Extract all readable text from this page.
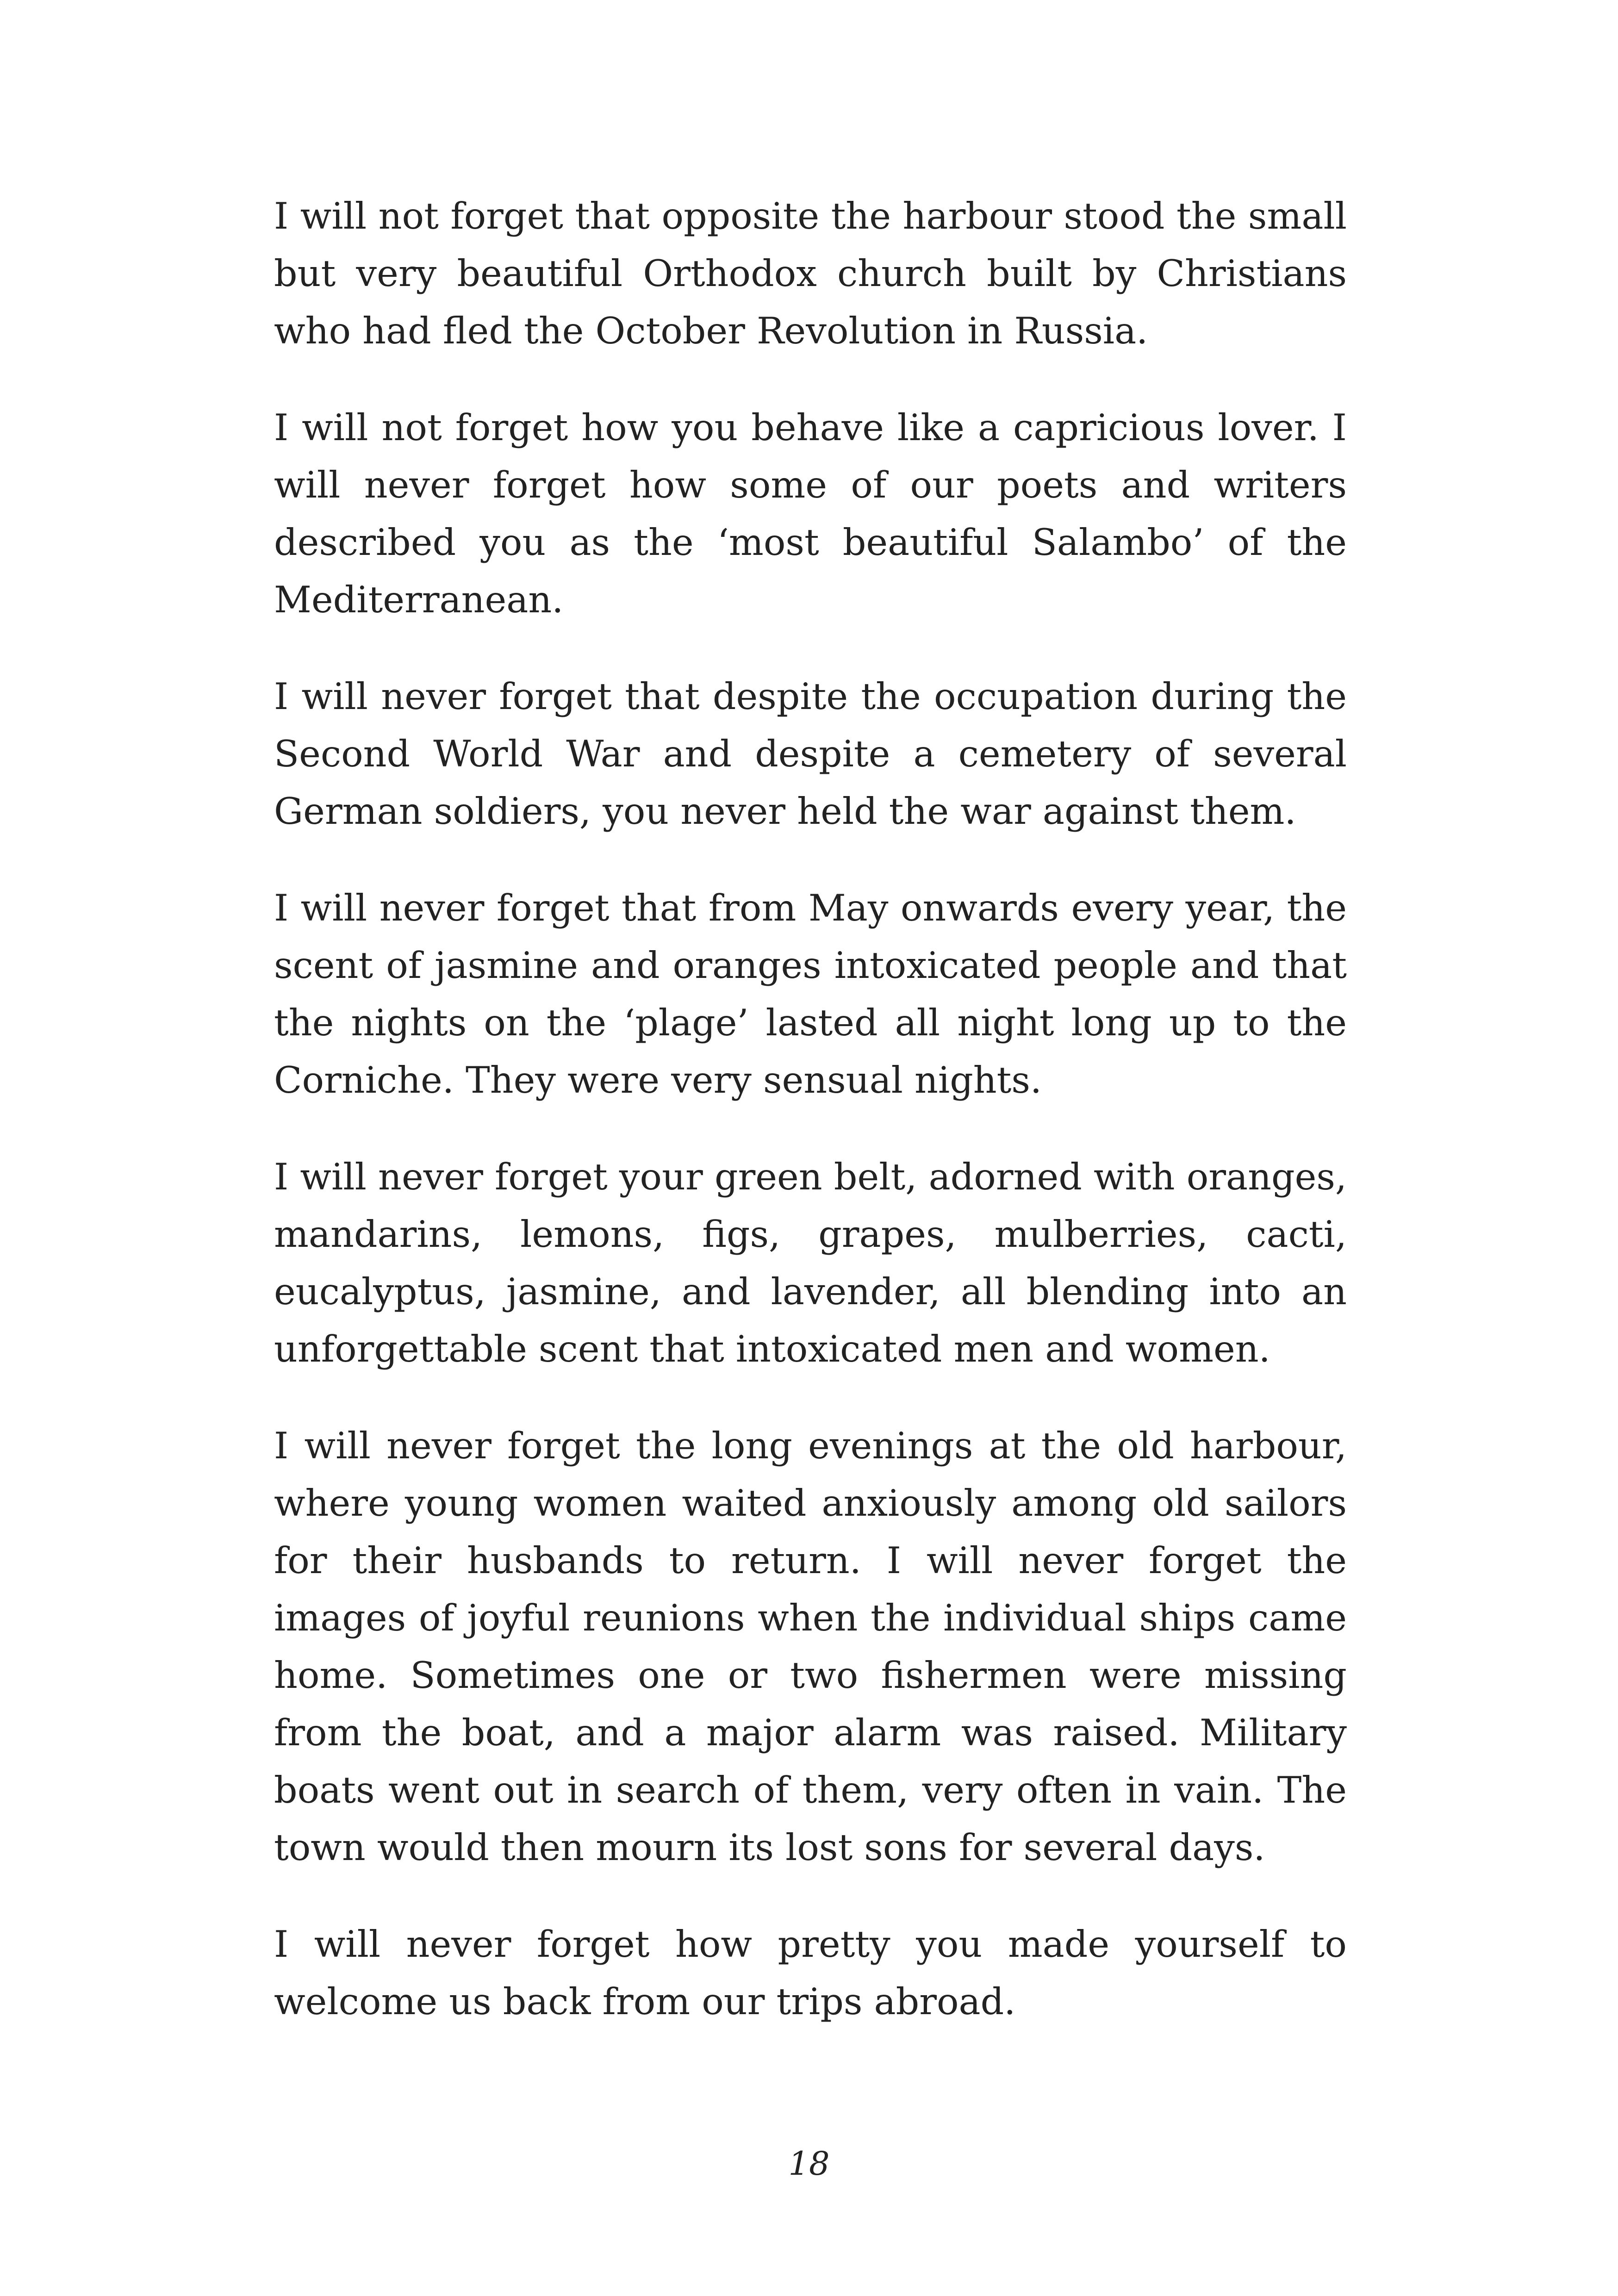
I will not forget that opposite the harbour stood the small but very beautiful Orthodox church built by Christians who had fled the October Revolution in Russia.

I will not forget how you behave like a capricious lover. I will never forget how some of our poets and writers described you as the ‘most beautiful Salambo’ of the Mediterranean.

I will never forget that despite the occupation during the Second World War and despite a cemetery of several German soldiers, you never held the war against them.

I will never forget that from May onwards every year, the scent of jasmine and oranges intoxicated people and that the nights on the ‘plage’ lasted all night long up to the Corniche. They were very sensual nights.

I will never forget your green belt, adorned with oranges, mandarins, lemons, figs, grapes, mulberries, cacti, eucalyptus, jasmine, and lavender, all blending into an unforgettable scent that intoxicated men and women.

I will never forget the long evenings at the old harbour, where young women waited anxiously among old sailors for their husbands to return. I will never forget the images of joyful reunions when the individual ships came home. Sometimes one or two fishermen were missing from the boat, and a major alarm was raised. Military boats went out in search of them, very often in vain. The town would then mourn its lost sons for several days.

I will never forget how pretty you made yourself to welcome us back from our trips abroad.

18
